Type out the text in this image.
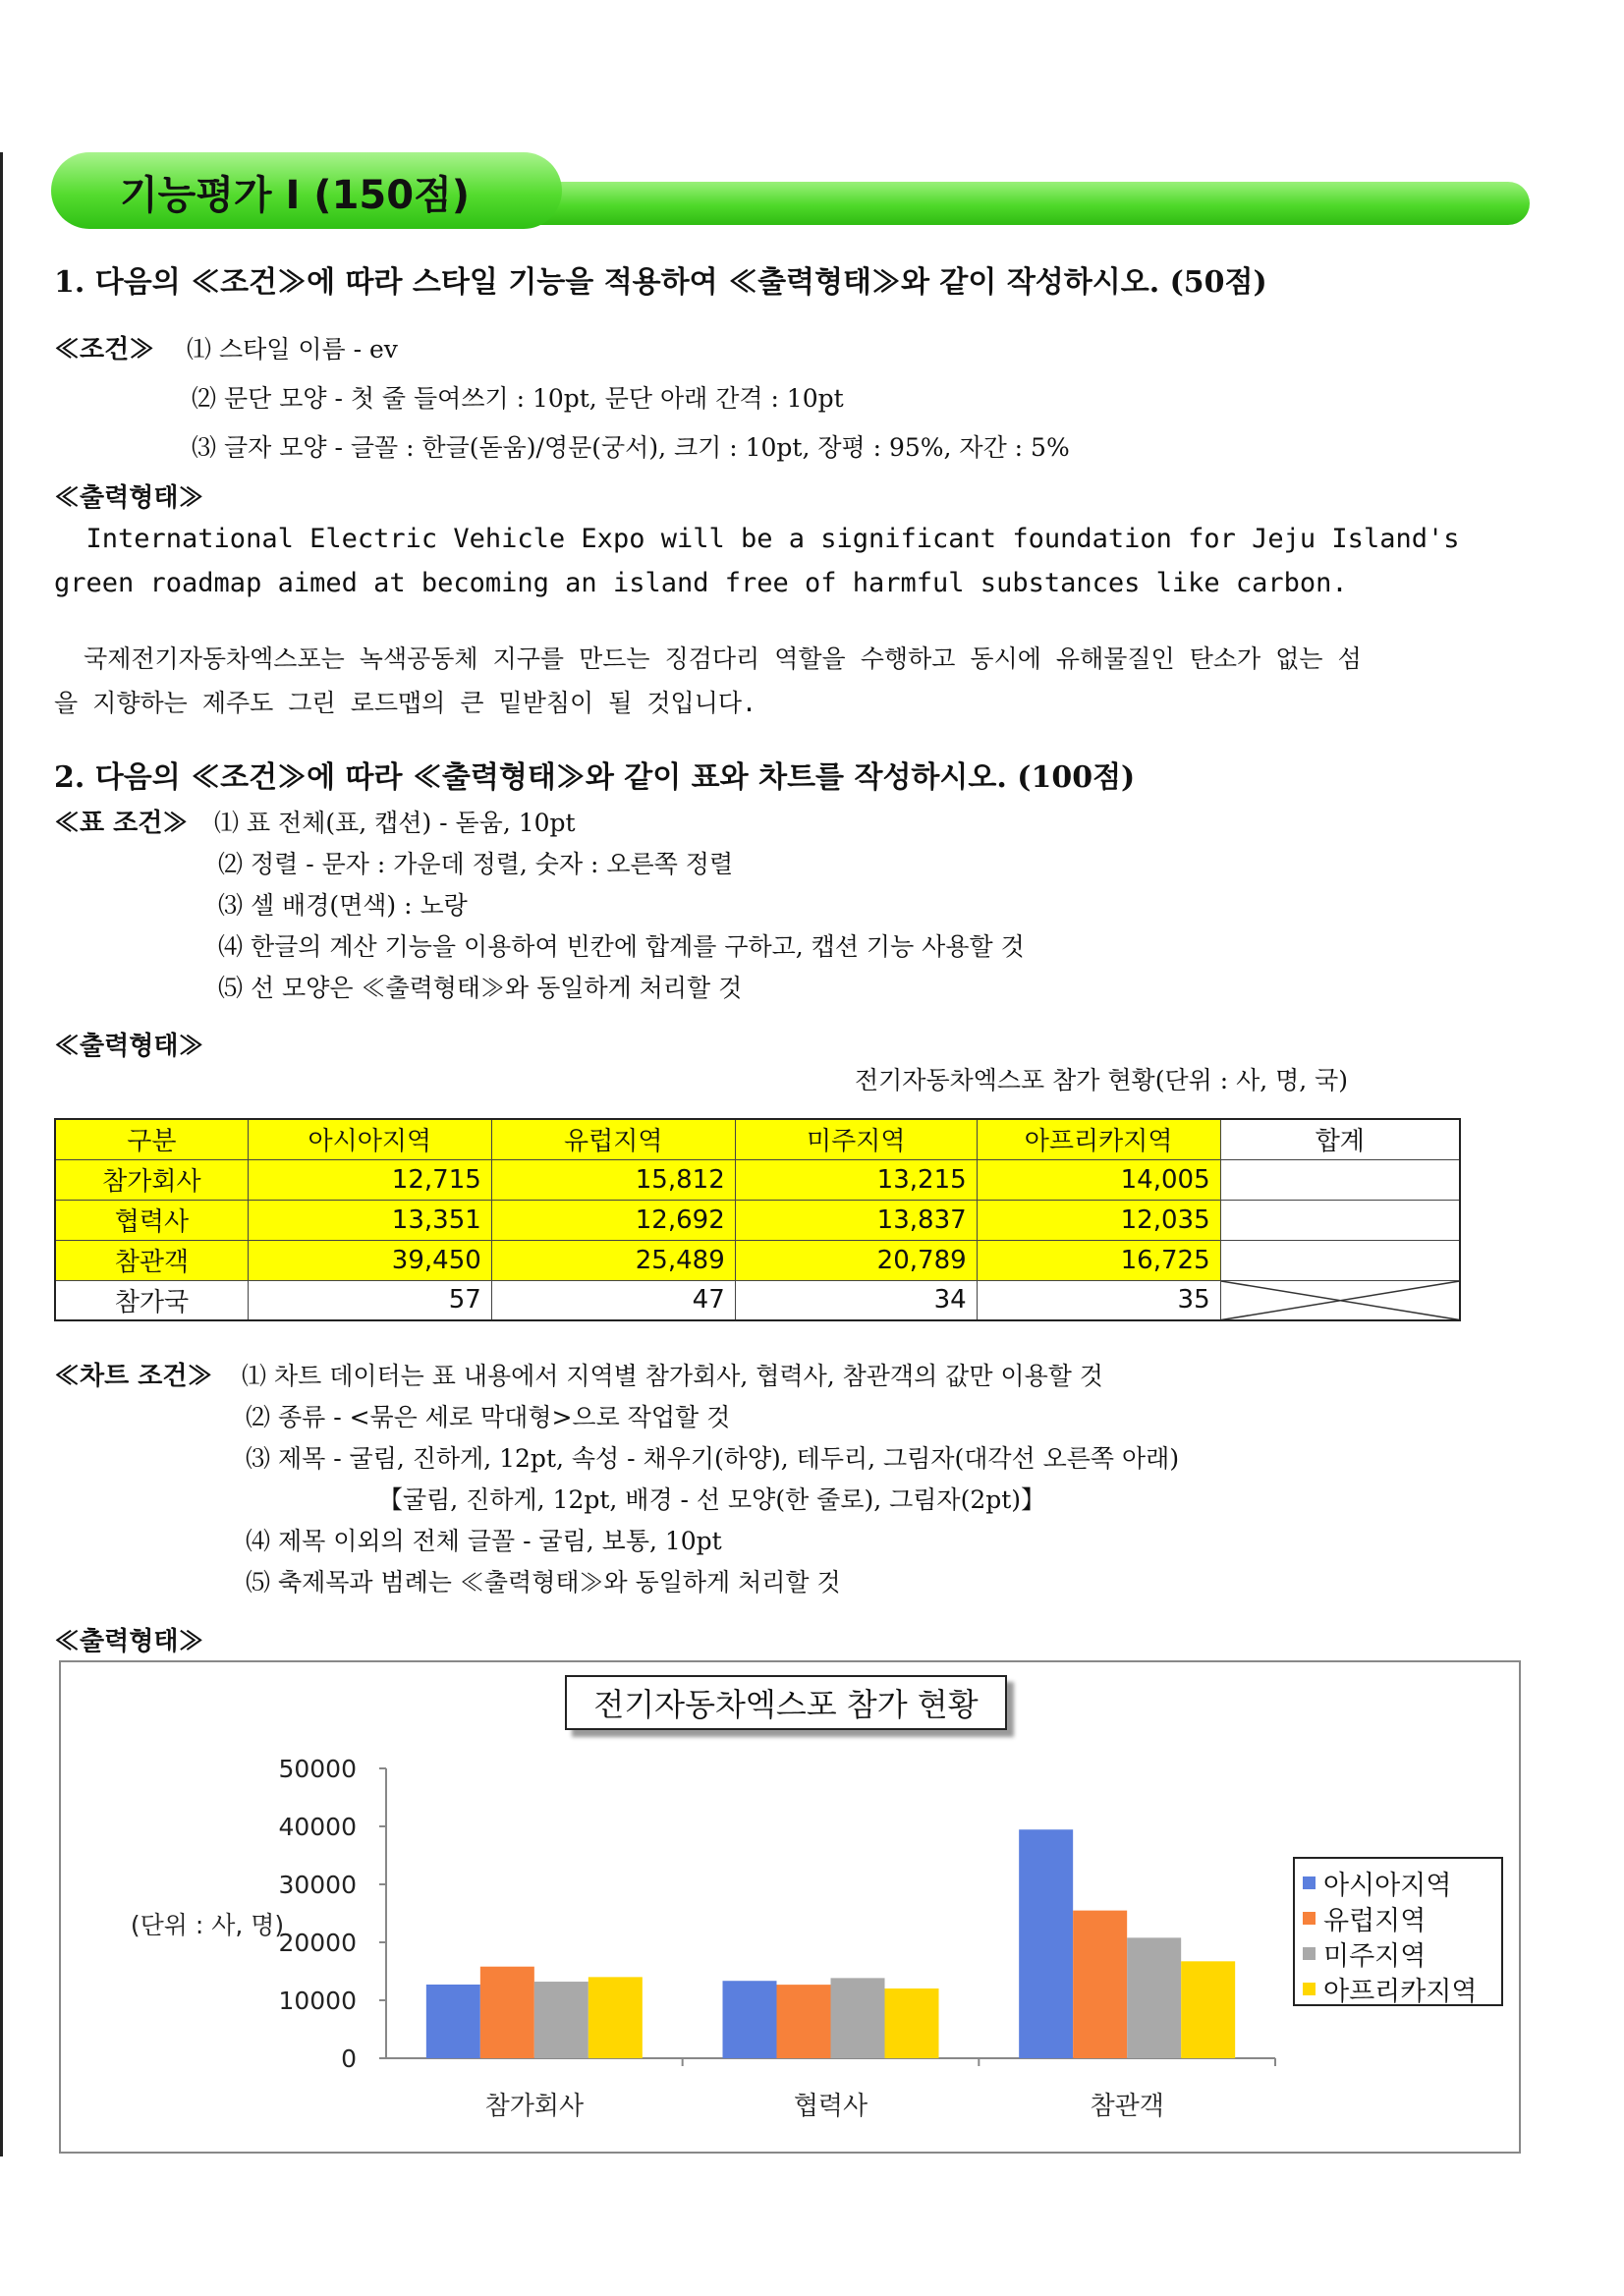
기능평가 Ⅰ (150점)
1. 다음의 ≪조건≫에 따라 스타일 기능을 적용하여 ≪출력형태≫와 같이 작성하시오. (50점)
≪조건≫ ⑴ 스타일 이름 - ev
⑵ 문단 모양 - 첫 줄 들여쓰기 : 10pt, 문단 아래 간격 : 10pt
⑶ 글자 모양 - 글꼴 : 한글(돋움)/영문(궁서), 크기 : 10pt, 장평 : 95%, 자간 : 5%
≪출력형태≫
International Electric Vehicle Expo will be a significant foundation for Jeju Island's
green roadmap aimed at becoming an island free of harmful substances like carbon.
국제전기자동차엑스포는 녹색공동체 지구를 만드는 징검다리 역할을 수행하고 동시에 유해물질인 탄소가 없는 섬
을 지향하는 제주도 그린 로드맵의 큰 밑받침이 될 것입니다.
2. 다음의 ≪조건≫에 따라 ≪출력형태≫와 같이 표와 차트를 작성하시오. (100점)
≪표 조건≫ ⑴ 표 전체(표, 캡션) - 돋움, 10pt
⑵ 정렬 - 문자 : 가운데 정렬, 숫자 : 오른쪽 정렬
⑶ 셀 배경(면색) : 노랑
⑷ 한글의 계산 기능을 이용하여 빈칸에 합계를 구하고, 캡션 기능 사용할 것
⑸ 선 모양은 ≪출력형태≫와 동일하게 처리할 것
≪출력형태≫
전기자동차엑스포 참가 현황(단위 : 사, 명, 국)
구분	아시아지역	유럽지역	미주지역	아프리카지역	합계
참가회사	12,715	15,812	13,215	14,005	
협력사	13,351	12,692	13,837	12,035	
참관객	39,450	25,489	20,789	16,725	
참가국	57	47	34	35	
≪차트 조건≫ ⑴ 차트 데이터는 표 내용에서 지역별 참가회사, 협력사, 참관객의 값만 이용할 것
⑵ 종류 - <묶은 세로 막대형>으로 작업할 것
⑶ 제목 - 굴림, 진하게, 12pt, 속성 - 채우기(하양), 테두리, 그림자(대각선 오른쪽 아래)
【굴림, 진하게, 12pt, 배경 - 선 모양(한 줄로), 그림자(2pt)】
⑷ 제목 이외의 전체 글꼴 - 굴림, 보통, 10pt
⑸ 축제목과 범례는 ≪출력형태≫와 동일하게 처리할 것
≪출력형태≫
50000
40000
30000
20000
10000
0
(단위 : 사, 명)
참가회사	협력사	참관객
전기자동차엑스포 참가 현황
아시아지역
유럽지역
미주지역
아프리카지역
